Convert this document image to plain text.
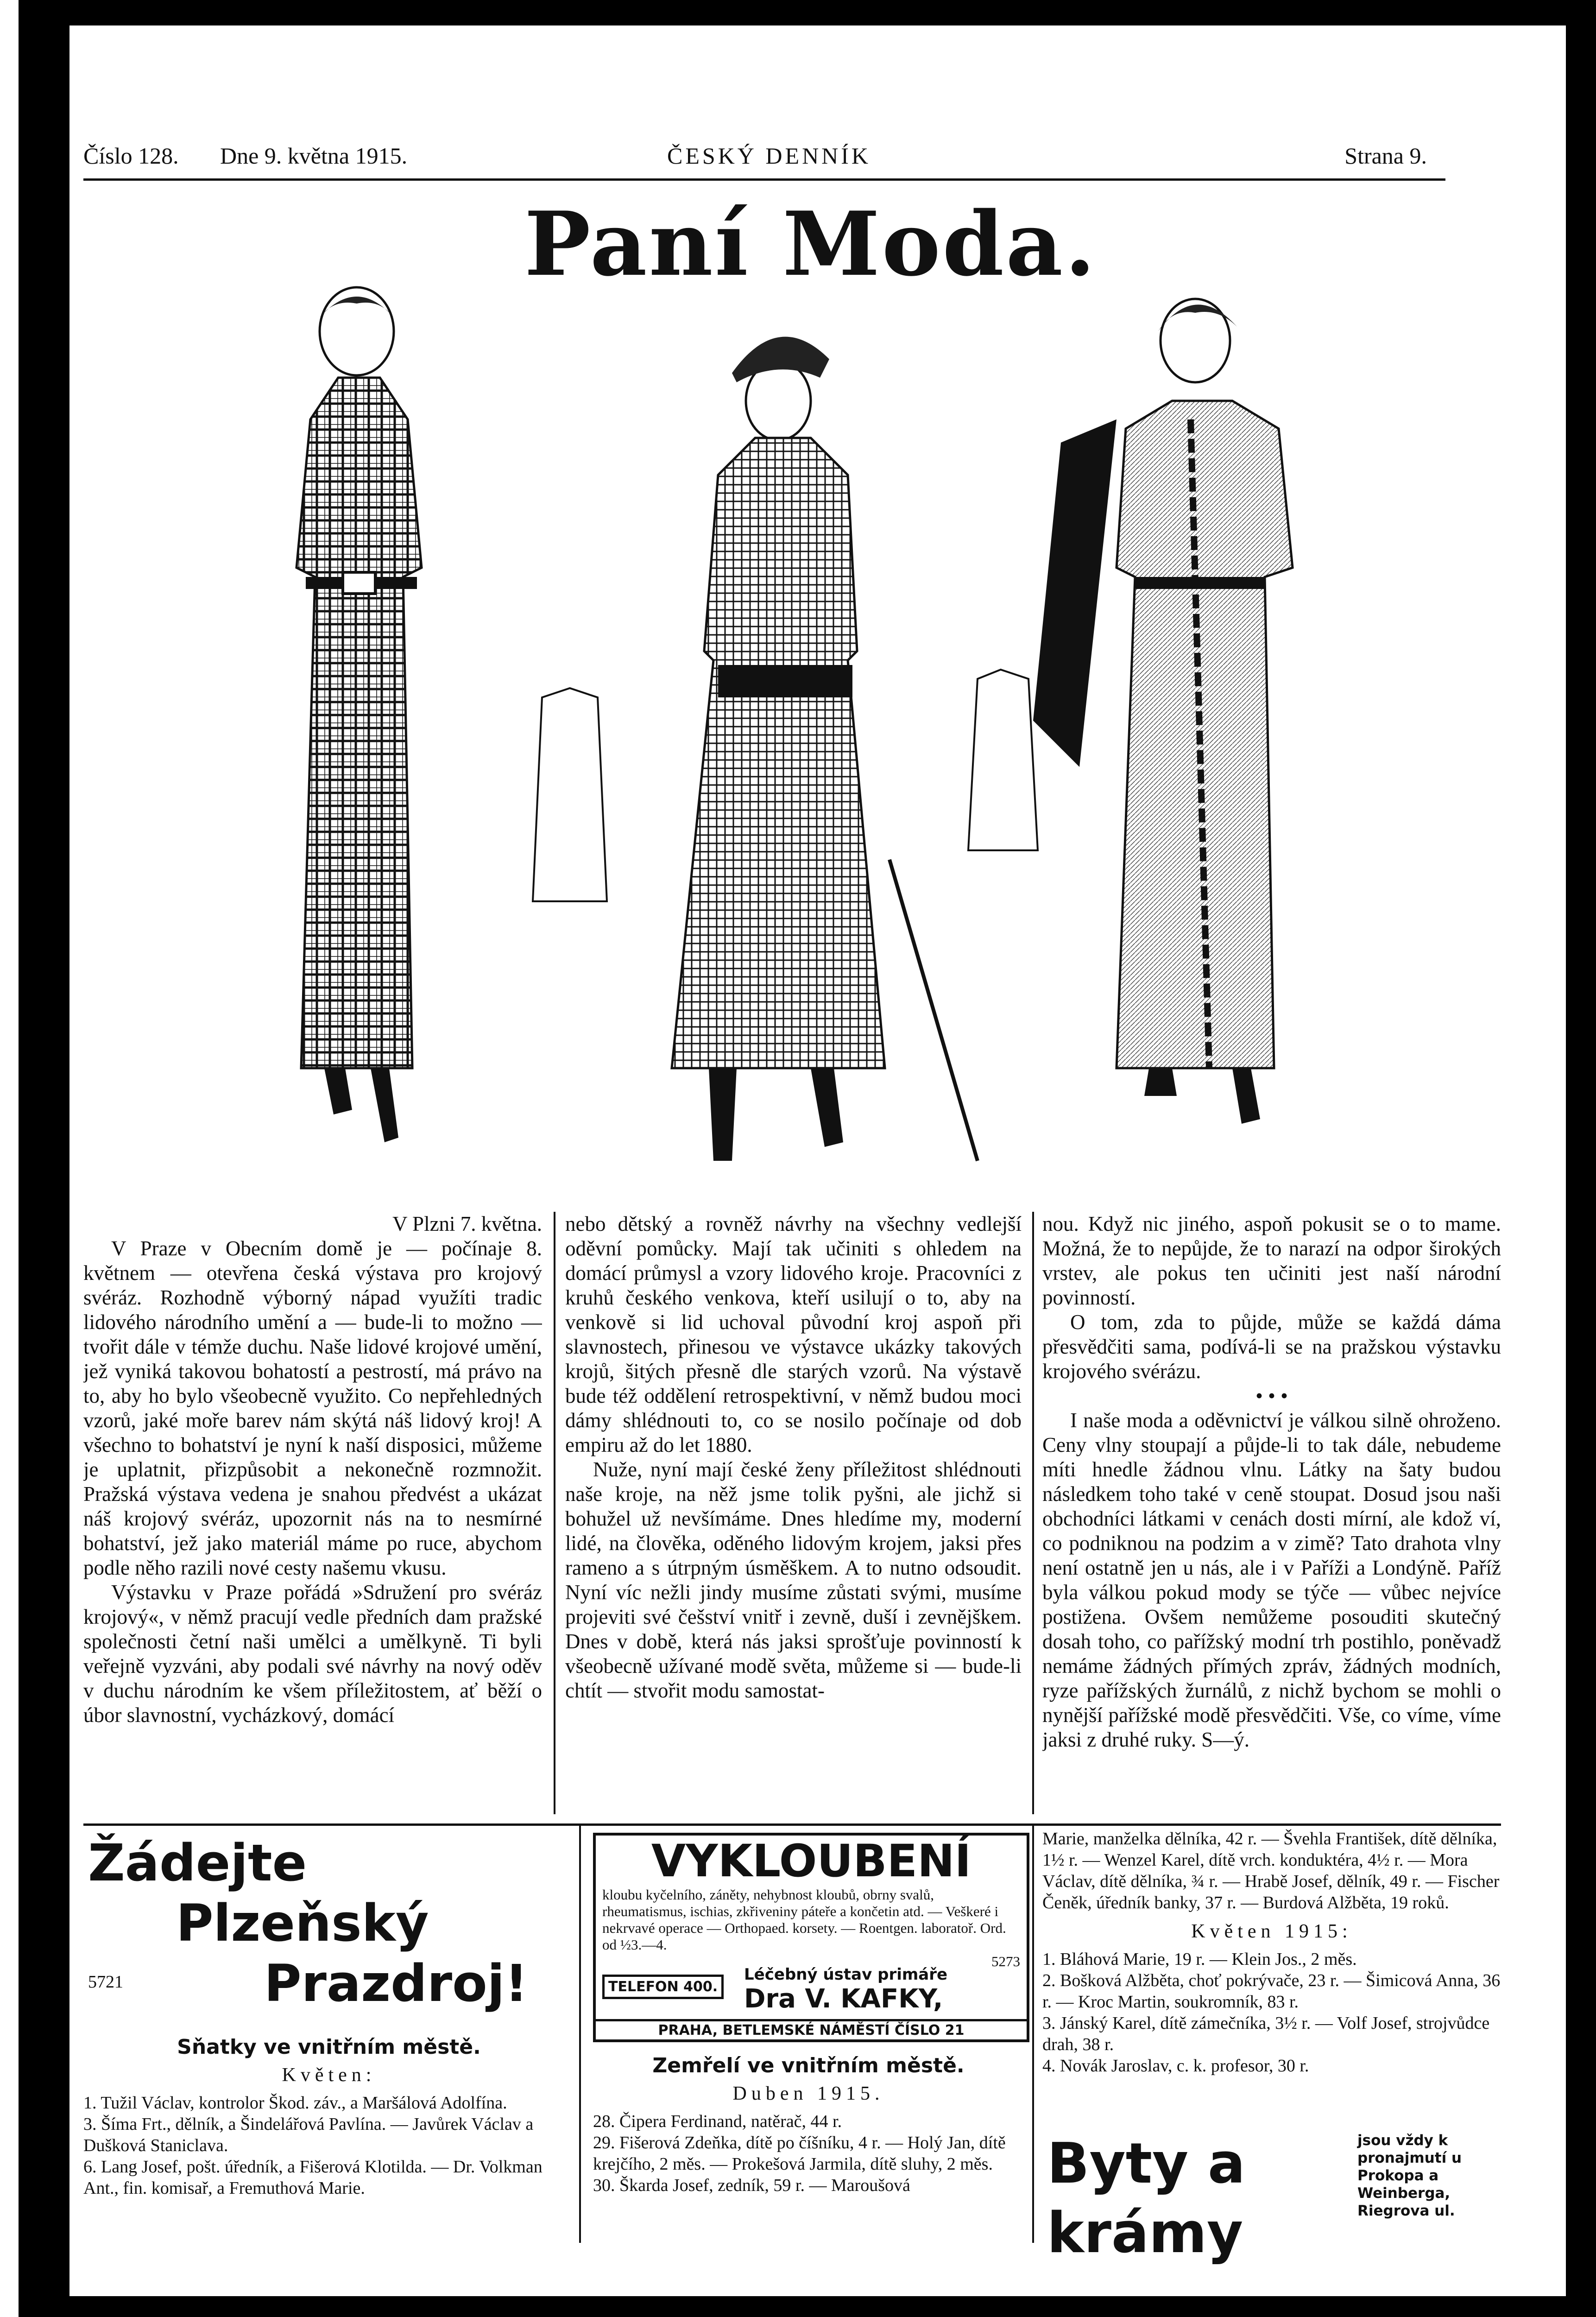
Číslo 128. Dne 9. května 1915.	ČESKÝ DENNÍK	Strana 9.
Paní Moda.

V Plzni 7. května.

V Praze v Obecním domě je — počínaje 8. květnem — otevřena česká výstava pro krojový svéráz. Rozhodně výborný nápad využíti tradic lidového národního umění a — bude-li to možno — tvořit dále v témže duchu. Naše lidové krojové umění, jež vyniká takovou bohatostí a pestrostí, má právo na to, aby ho bylo všeobecně využito. Co nepřehledných vzorů, jaké moře barev nám skýtá náš lidový kroj! A všechno to bohatství je nyní k naší disposici, můžeme je uplatnit, přizpůsobit a nekonečně rozmnožit. Pražská výstava vedena je snahou předvést a ukázat náš krojový svéráz, upozornit nás na to nesmírné bohatství, jež jako materiál máme po ruce, abychom podle něho razili nové cesty našemu vkusu.

Výstavku v Praze pořádá »Sdružení pro svéráz krojový«, v němž pracují vedle předních dam pražské společnosti četní naši umělci a umělkyně. Ti byli veřejně vyzváni, aby podali své návrhy na nový oděv v duchu národním ke všem příležitostem, ať běží o úbor slavnostní, vycházkový, domácí

nebo dětský a rovněž návrhy na všechny vedlejší oděvní pomůcky. Mají tak učiniti s ohledem na domácí průmysl a vzory lidového kroje. Pracovníci z kruhů českého venkova, kteří usilují o to, aby na venkově si lid uchoval původní kroj aspoň při slavnostech, přinesou ve výstavce ukázky takových krojů, šitých přesně dle starých vzorů. Na výstavě bude též oddělení retrospektivní, v němž budou moci dámy shlédnouti to, co se nosilo počínaje od dob empiru až do let 1880.

Nuže, nyní mají české ženy příležitost shlédnouti naše kroje, na něž jsme tolik pyšni, ale jichž si bohužel už nevšímáme. Dnes hledíme my, moderní lidé, na člověka, oděného lidovým krojem, jaksi přes rameno a s útrpným úsměškem. A to nutno odsoudit. Nyní víc nežli jindy musíme zůstati svými, musíme projeviti své češství vnitř i zevně, duší i zevnějškem. Dnes v době, která nás jaksi sprošťuje povinností k všeobecně užívané modě světa, můžeme si — bude-li chtít — stvořit modu samostat-

nou. Když nic jiného, aspoň pokusit se o to mame. Možná, že to nepůjde, že to narazí na odpor širokých vrstev, ale pokus ten učiniti jest naší národní povinností.

O tom, zda to půjde, může se každá dáma přesvědčiti sama, podívá-li se na pražskou výstavku krojového svérázu.

• • •

I naše moda a oděvnictví je válkou silně ohroženo. Ceny vlny stoupají a půjde-li to tak dále, nebudeme míti hnedle žádnou vlnu. Látky na šaty budou následkem toho také v ceně stoupat. Dosud jsou naši obchodníci látkami v cenách dosti mírní, ale kdož ví, co podniknou na podzim a v zimě? Tato drahota vlny není ostatně jen u nás, ale i v Paříži a Londýně. Paříž byla válkou pokud mody se týče — vůbec nejvíce postižena. Ovšem nemůžeme posouditi skutečný dosah toho, co pařížský modní trh postihlo, poněvadž nemáme žádných přímých zpráv, žádných modních, ryze pařížských žurnálů, z nichž bychom se mohli o nynější pařížské modě přesvědčiti. Vše, co víme, víme jaksi z druhé ruky. S—ý.

Žádejte
Plzeňský
Prazdroj!
5721
Sňatky ve vnitřním městě.
Květen:
1. Tužil Václav, kontrolor Škod. záv., a Maršálová Adolfína.
3. Šíma Frt., dělník, a Šindelářová Pavlína. — Javůrek Václav a Dušková Staniclava.
6. Lang Josef, pošt. úředník, a Fišerová Klotilda. — Dr. Volkman Ant., fin. komisař, a Fremuthová Marie.
VYKLOUBENÍ
kloubu kyčelního, záněty, nehybnost kloubů, obrny svalů, rheumatismus, ischias, zkřiveniny páteře a končetin atd. — Veškeré i nekrvavé operace — Orthopaed. korsety. — Roentgen. laboratoř. Ord. od ½3.—4.
5273
TELEFON 400.
Léčebný ústav primáře
Dra V. KAFKY,
PRAHA, BETLEMSKÉ NÁMĚSTÍ ČÍSLO 21
Zemřelí ve vnitřním městě.
Duben 1915.
28. Čipera Ferdinand, natěrač, 44 r.
29. Fišerová Zdeňka, dítě po číšníku, 4 r. — Holý Jan, dítě krejčího, 2 měs. — Prokešová Jarmila, dítě sluhy, 2 měs.
30. Škarda Josef, zedník, 59 r. — Maroušová
Marie, manželka dělníka, 42 r. — Švehla František, dítě dělníka, 1½ r. — Wenzel Karel, dítě vrch. konduktéra, 4½ r. — Mora Václav, dítě dělníka, ¾ r. — Hrabě Josef, dělník, 49 r. — Fischer Čeněk, úředník banky, 37 r. — Burdová Alžběta, 19 roků.
Květen 1915:
1. Bláhová Marie, 19 r. — Klein Jos., 2 měs.
2. Bošková Alžběta, choť pokrývače, 23 r. — Šimicová Anna, 36 r. — Kroc Martin, soukromník, 83 r.
3. Jánský Karel, dítě zámečníka, 3½ r. — Volf Josef, strojvůdce drah, 38 r.
4. Novák Jaroslav, c. k. profesor, 30 r.
Byty a krámy
jsou vždy k pronajmutí u Prokopa a Weinberga, Riegrova ul.
